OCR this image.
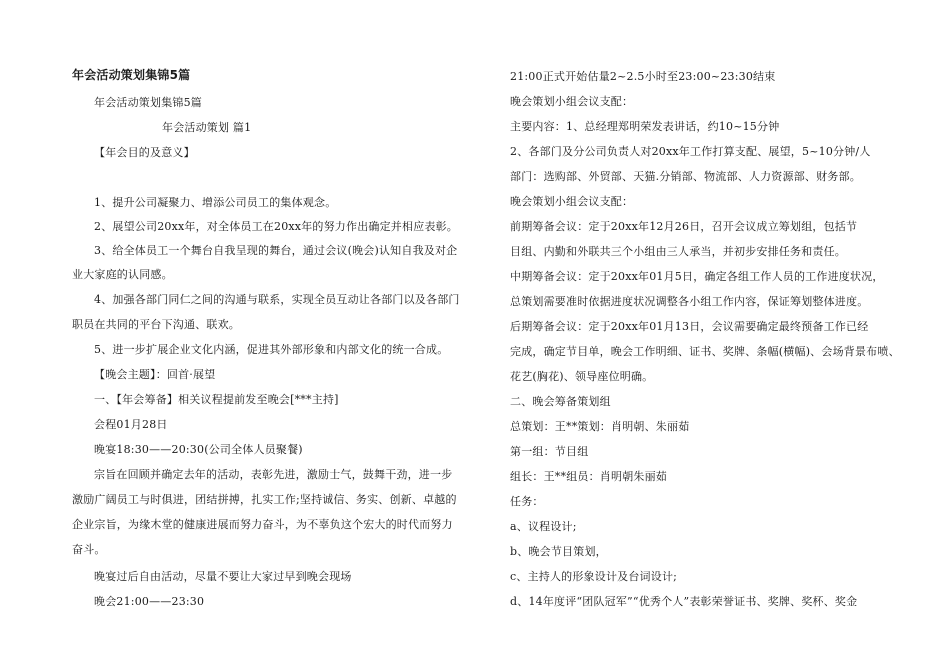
年会活动策划集锦5篇
年会活动策划集锦5篇
年会活动策划 篇1
【年会目的及意义】
1、提升公司凝聚力、增添公司员工的集体观念。
2、展望公司20xx年，对全体员工在20xx年的努力作出确定并相应表彰。
3、给全体员工一个舞台自我呈现的舞台，通过会议(晚会)认知自我及对企
业大家庭的认同感。
4、加强各部门同仁之间的沟通与联系，实现全员互动让各部门以及各部门
职员在共同的平台下沟通、联欢。
5、进一步扩展企业文化内涵，促进其外部形象和内部文化的统一合成。
【晚会主题】：回首·展望
一、【年会筹备】相关议程提前发至晚会[***主持]
会程01月28日
晚宴18:30——20:30(公司全体人员聚餐)
宗旨在回顾并确定去年的活动，表彰先进，激励士气，鼓舞干劲，进一步
激励广阔员工与时俱进，团结拼搏，扎实工作;坚持诚信、务实、创新、卓越的
企业宗旨，为缘木堂的健康进展而努力奋斗，为不辜负这个宏大的时代而努力
奋斗。
晚宴过后自由活动，尽量不要让大家过早到晚会现场
晚会21:00——23:30
21:00正式开始估量2~2.5小时至23:00~23:30结束
晚会策划小组会议支配：
主要内容：1、总经理郑明荣发表讲话，约10~15分钟
2、各部门及分公司负责人对20xx年工作打算支配、展望，5~10分钟/人
部门：选购部、外贸部、天猫.分销部、物流部、人力资源部、财务部。
晚会策划小组会议支配：
前期筹备会议：定于20xx年12月26日，召开会议成立筹划组，包括节
目组、内勤和外联共三个小组由三人承当，并初步安排任务和责任。
中期筹备会议：定于20xx年01月5日，确定各组工作人员的工作进度状况，
总策划需要准时依据进度状况调整各小组工作内容，保证筹划整体进度。
后期筹备会议：定于20xx年01月13日，会议需要确定最终预备工作已经
完成，确定节目单，晚会工作明细、证书、奖牌、条幅(横幅)、会场背景布喷、
花艺(胸花)、领导座位明确。
二、晚会筹备策划组
总策划：王**策划：肖明朝、朱丽茹
第一组：节目组
组长：王**组员：肖明朝朱丽茹
任务：
a、议程设计;
b、晚会节目策划，
c、主持人的形象设计及台词设计;
d、14年度评“团队冠军”“优秀个人”表彰荣誉证书、奖牌、奖杯、奖金
